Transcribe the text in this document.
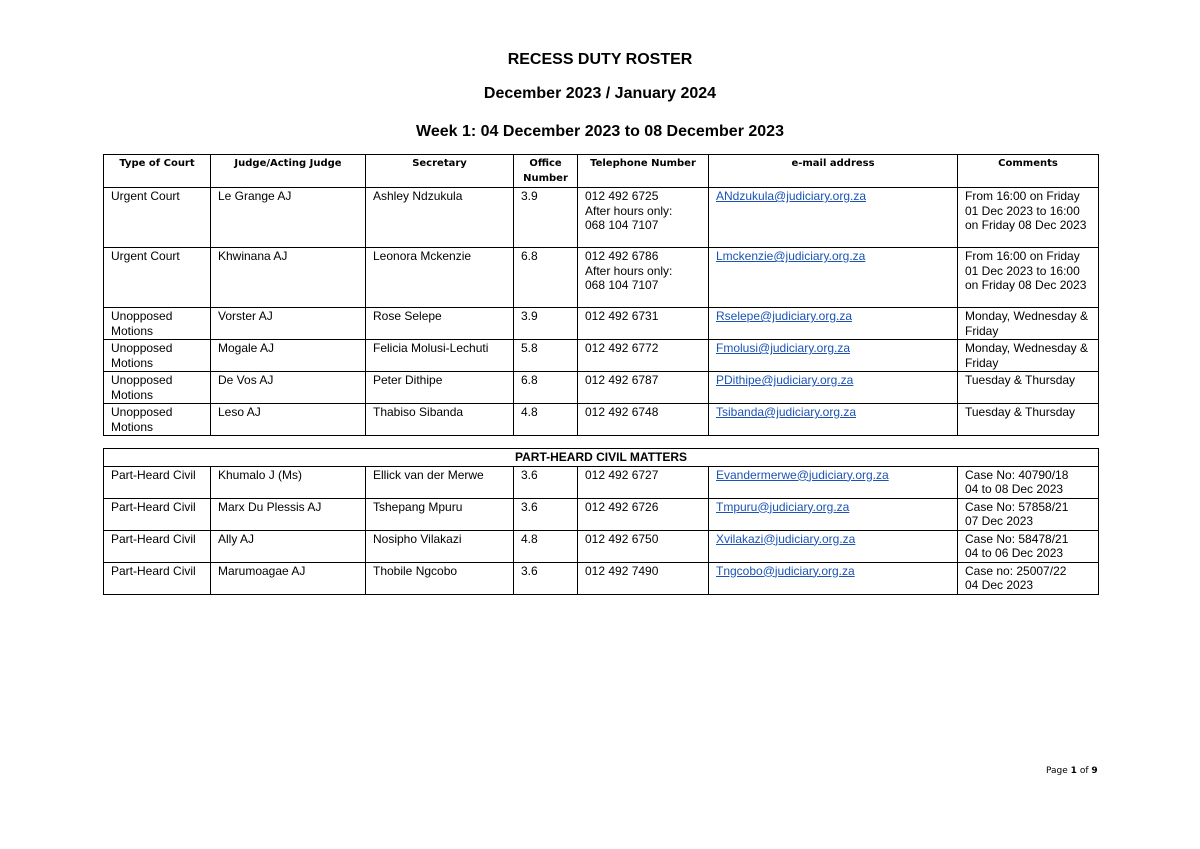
RECESS DUTY ROSTER
December 2023 / January 2024
Week 1: 04 December 2023 to 08 December 2023
Type of Court	Judge/Acting Judge	Secretary	Office Number	Telephone Number	e-mail address	Comments
Urgent Court	Le Grange AJ	Ashley Ndzukula	3.9	012 492 6725
After hours only:
068 104 7107	ANdzukula@judiciary.org.za	From 16:00 on Friday 01 Dec 2023 to 16:00 on Friday 08 Dec 2023
Urgent Court	Khwinana AJ	Leonora Mckenzie	6.8	012 492 6786
After hours only:
068 104 7107	Lmckenzie@judiciary.org.za	From 16:00 on Friday 01 Dec 2023 to 16:00 on Friday 08 Dec 2023
Unopposed Motions	Vorster AJ	Rose Selepe	3.9	012 492 6731	Rselepe@judiciary.org.za	Monday, Wednesday & Friday
Unopposed Motions	Mogale AJ	Felicia Molusi-Lechuti	5.8	012 492 6772	Fmolusi@judiciary.org.za	Monday, Wednesday & Friday
Unopposed Motions	De Vos AJ	Peter Dithipe	6.8	012 492 6787	PDithipe@judiciary.org.za	Tuesday & Thursday
Unopposed Motions	Leso AJ	Thabiso Sibanda	4.8	012 492 6748	Tsibanda@judiciary.org.za	Tuesday & Thursday
PART-HEARD CIVIL MATTERS						
Part-Heard Civil	Khumalo J (Ms)	Ellick van der Merwe	3.6	012 492 6727	Evandermerwe@judiciary.org.za	Case No: 40790/18
04 to 08 Dec 2023
Part-Heard Civil	Marx Du Plessis AJ	Tshepang Mpuru	3.6	012 492 6726	Tmpuru@judiciary.org.za	Case No: 57858/21
07 Dec 2023
Part-Heard Civil	Ally AJ	Nosipho Vilakazi	4.8	012 492 6750	Xvilakazi@judiciary.org.za	Case No: 58478/21
04 to 06 Dec 2023
Part-Heard Civil	Marumoagae AJ	Thobile Ngcobo	3.6	012 492 7490	Tngcobo@judiciary.org.za	Case no: 25007/22
04 Dec 2023
Page 1 of 9
